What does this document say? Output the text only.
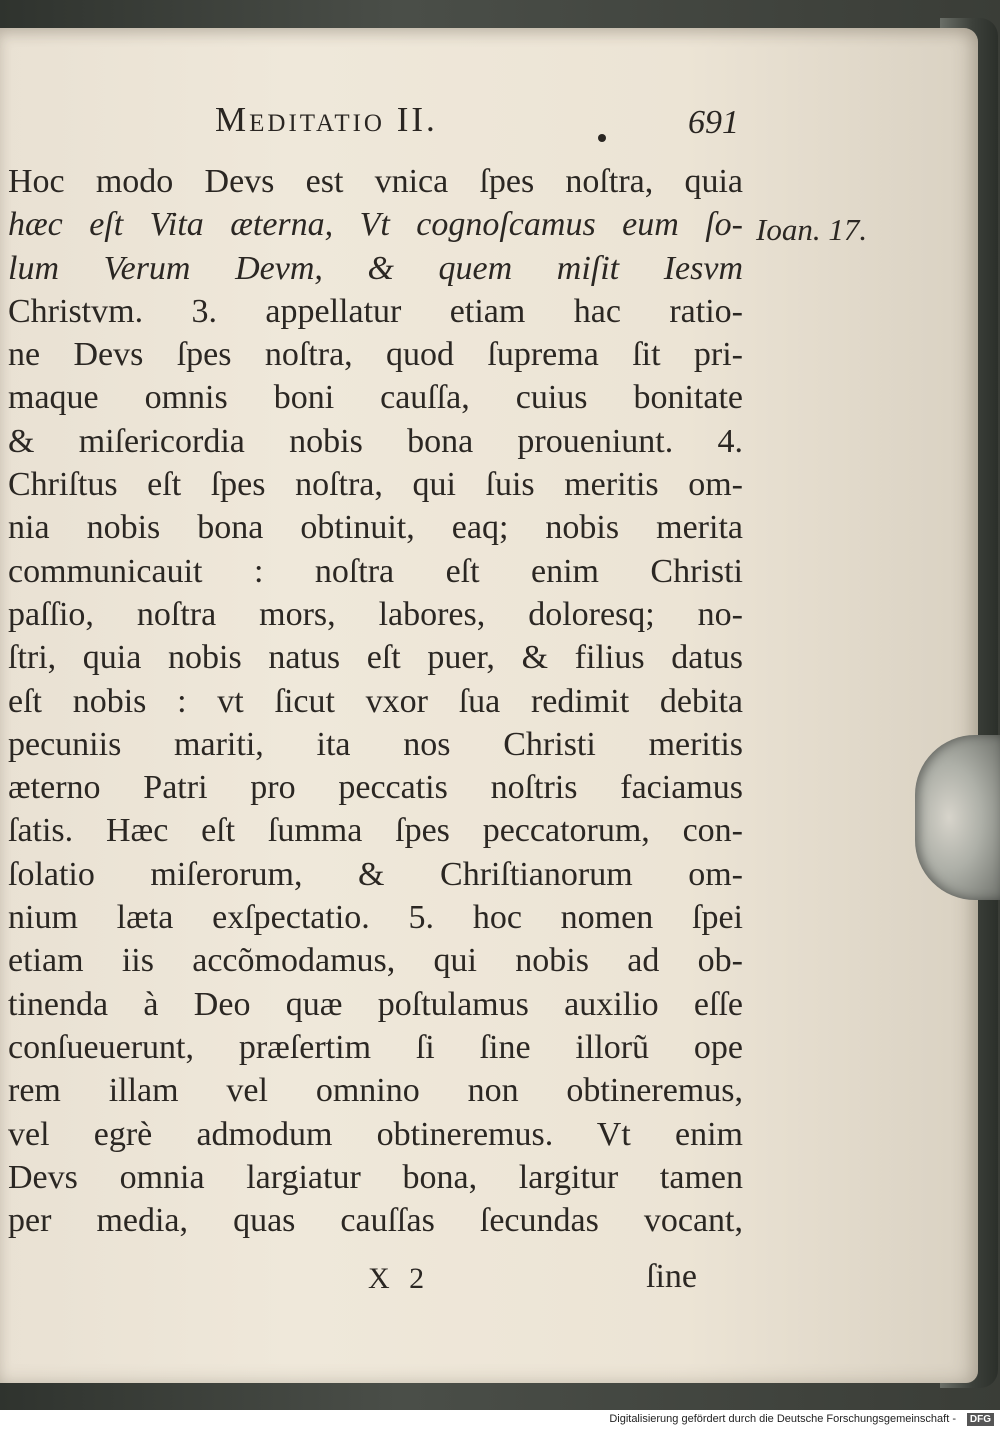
Meditatio II.	691
Hoc modo Devs est vnica ſpes noſtra, quia
hæc eſt Vita æterna, Vt cognoſcamus eum ſo-
lum Verum Devm, & quem miſit Iesvm
Christvm. 3. appellatur etiam hac ratio-
ne Devs ſpes noſtra, quod ſuprema ſit pri-
maque omnis boni cauſſa, cuius bonitate
& miſericordia nobis bona proueniunt. 4.
Chriſtus eſt ſpes noſtra, qui ſuis meritis om-
nia nobis bona obtinuit, eaq; nobis merita
communicauit : noſtra eſt enim Christi
paſſio, noſtra mors, labores, doloresq; no-
ſtri, quia nobis natus eſt puer, & filius datus
eſt nobis : vt ſicut vxor ſua redimit debita
pecuniis mariti, ita nos Christi meritis
æterno Patri pro peccatis noſtris faciamus
ſatis. Hæc eſt ſumma ſpes peccatorum, con-
ſolatio miſerorum, & Chriſtianorum om-
nium læta exſpectatio. 5. hoc nomen ſpei
etiam iis accõmodamus, qui nobis ad ob-
tinenda à Deo quæ poſtulamus auxilio eſſe
conſueuerunt, præſertim ſi ſine illorũ ope
rem illam vel omnino non obtineremus,
vel egrè admodum obtineremus. Vt enim
Devs omnia largiatur bona, largitur tamen
per media, quas cauſſas ſecundas vocant,
Ioan. 17.
X 2	ſine
Digitalisierung gefördert durch die Deutsche Forschungsgemeinschaft -	DFG
